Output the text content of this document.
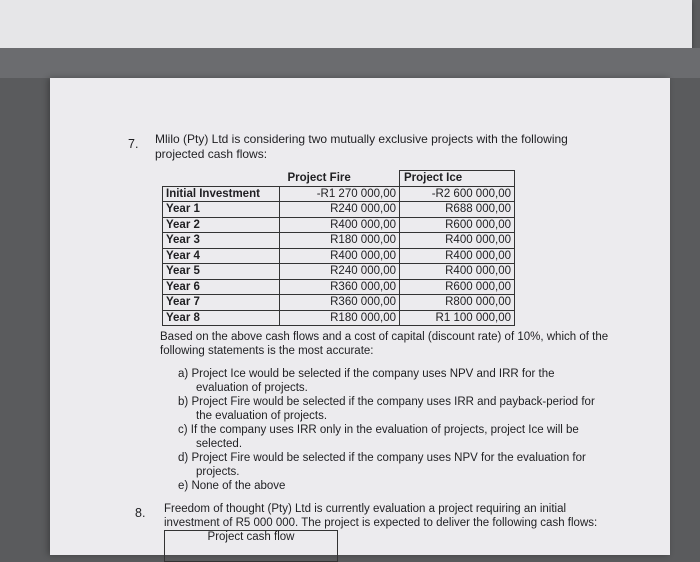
7. Mlilo (Pty) Ltd is considering two mutually exclusive projects with the following projected cash flows:
	Project Fire	Project Ice
Initial Investment	-R1 270 000,00	-R2 600 000,00
Year 1	R240 000,00	R688 000,00
Year 2	R400 000,00	R600 000,00
Year 3	R180 000,00	R400 000,00
Year 4	R400 000,00	R400 000,00
Year 5	R240 000,00	R400 000,00
Year 6	R360 000,00	R600 000,00
Year 7	R360 000,00	R800 000,00
Year 8	R180 000,00	R1 100 000,00
Based on the above cash flows and a cost of capital (discount rate) of 10%, which of the following statements is the most accurate:
a) Project Ice would be selected if the company uses NPV and IRR for the evaluation of projects.
b) Project Fire would be selected if the company uses IRR and payback-period for the evaluation of projects.
c) If the company uses IRR only in the evaluation of projects, project Ice will be selected.
d) Project Fire would be selected if the company uses NPV for the evaluation for projects.
e) None of the above
8. Freedom of thought (Pty) Ltd is currently evaluation a project requiring an initial investment of R5 000 000. The project is expected to deliver the following cash flows:
Project cash flow
